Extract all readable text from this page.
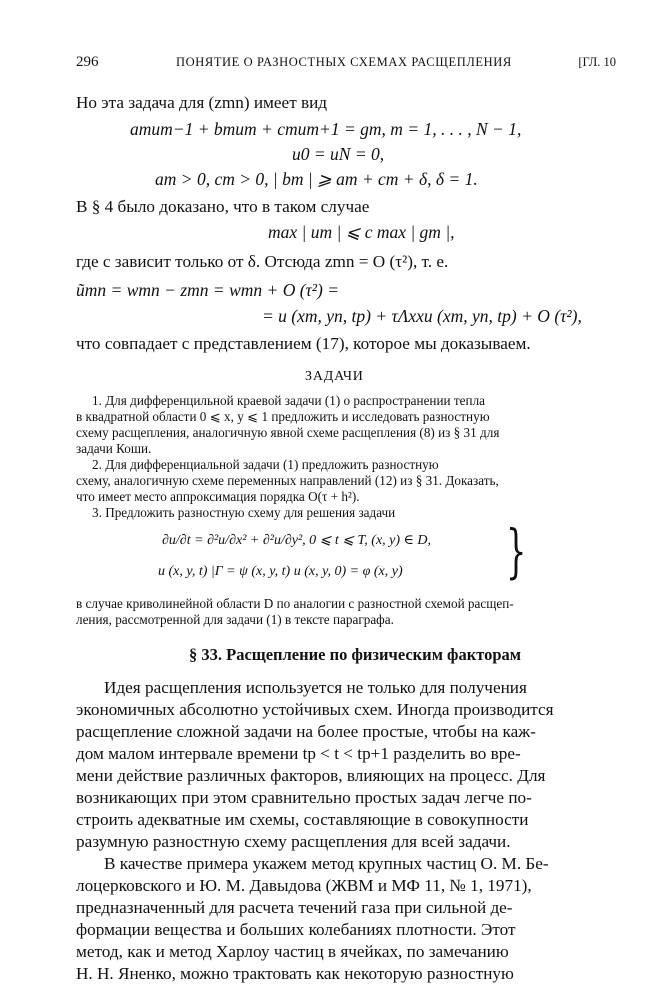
296	ПОНЯТИЕ О РАЗНОСТНЫХ СХЕМАХ РАСЩЕПЛЕНИЯ	[ГЛ. 10
Но эта задача для (zmn) имеет вид
amum−1 + bmum + cmum+1 = gm, m = 1, . . . , N − 1,
u0 = uN = 0,
am > 0, cm > 0, | bm | ⩾ am + cm + δ, δ = 1.
В § 4 было доказано, что в таком случае
max | um | ⩽ c max | gm |,
где c зависит только от δ. Отсюда zmn = O (τ²), т. е.
ũmn = wmn − zmn = wmn + O (τ²) =
= u (xm, yn, tp) + τΛxxu (xm, yn, tp) + O (τ²),
что совпадает с представлением (17), которое мы доказываем.
ЗАДАЧИ
1. Для дифференцильной краевой задачи (1) о распространении тепла
в квадратной области 0 ⩽ x, y ⩽ 1 предложить и исследовать разностную
схему расщепления, аналогичную явной схеме расщепления (8) из § 31 для
задачи Коши.
2. Для дифференциальной задачи (1) предложить разностную
схему, аналогичную схеме переменных направлений (12) из § 31. Доказать,
что имеет место аппроксимация порядка O(τ + h²).
3. Предложить разностную схему для решения задачи
∂u/∂t = ∂²u/∂x² + ∂²u/∂y², 0 ⩽ t ⩽ T, (x, y) ∈ D,
u (x, y, t) |Γ = ψ (x, y, t) u (x, y, 0) = φ (x, y) }
в случае криволинейной области D по аналогии с разностной схемой расщеп-
ления, рассмотренной для задачи (1) в тексте параграфа.
§ 33. Расщепление по физическим факторам
Идея расщепления используется не только для получения
экономичных абсолютно устойчивых схем. Иногда производится
расщепление сложной задачи на более простые, чтобы на каж-
дом малом интервале времени tp < t < tp+1 разделить во вре-
мени действие различных факторов, влияющих на процесс. Для
возникающих при этом сравнительно простых задач легче по-
строить адекватные им схемы, составляющие в совокупности
разумную разностную схему расщепления для всей задачи.
В качестве примера укажем метод крупных частиц О. М. Бе-
лоцерковского и Ю. М. Давыдова (ЖВМ и МФ 11, № 1, 1971),
предназначенный для расчета течений газа при сильной де-
формации вещества и больших колебаниях плотности. Этот
метод, как и метод Харлоу частиц в ячейках, по замечанию
Н. Н. Яненко, можно трактовать как некоторую разностную
